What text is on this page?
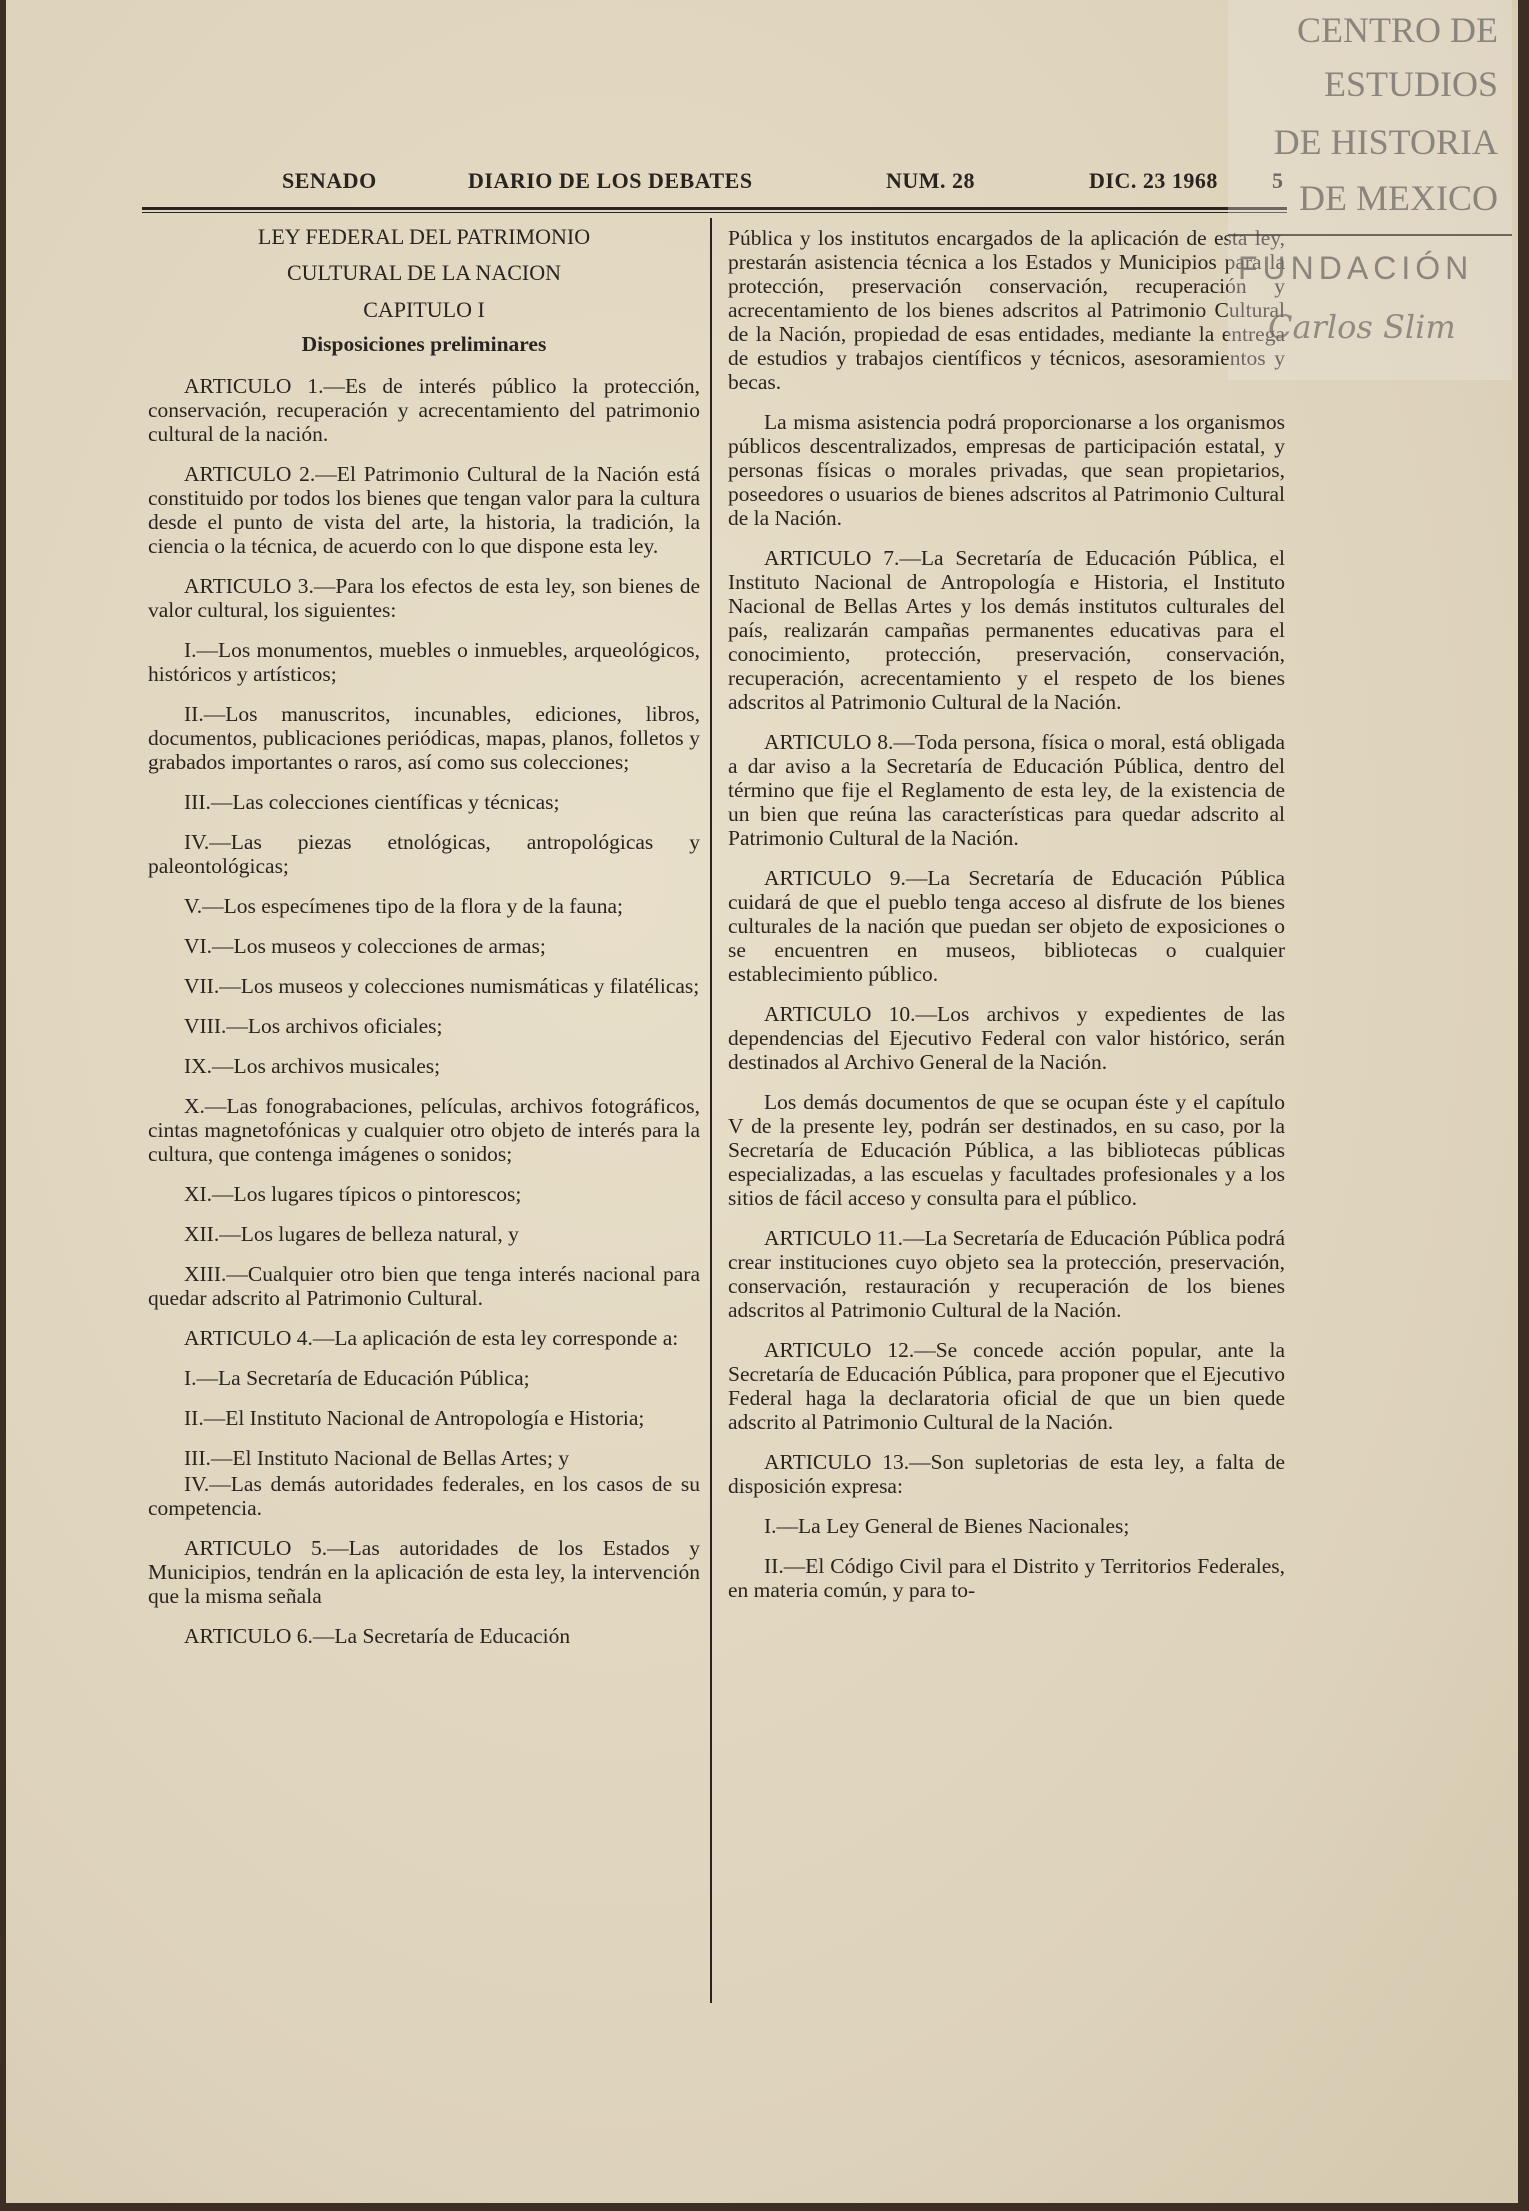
SENADO	DIARIO DE LOS DEBATES	NUM. 28	DIC. 23 1968 5

LEY FEDERAL DEL PATRIMONIO

CULTURAL DE LA NACION

CAPITULO I

Disposiciones preliminares

ARTICULO 1.—Es de interés público la protección, conservación, recuperación y acrecentamiento del patrimonio cultural de la nación.

ARTICULO 2.—El Patrimonio Cultural de la Nación está constituido por todos los bienes que tengan valor para la cultura desde el punto de vista del arte, la historia, la tradición, la ciencia o la técnica, de acuerdo con lo que dispone esta ley.

ARTICULO 3.—Para los efectos de esta ley, son bienes de valor cultural, los siguientes:

I.—Los monumentos, muebles o inmuebles, arqueológicos, históricos y artísticos;

II.—Los manuscritos, incunables, ediciones, libros, documentos, publicaciones periódicas, mapas, planos, folletos y grabados importantes o raros, así como sus colecciones;

III.—Las colecciones científicas y técnicas;

IV.—Las piezas etnológicas, antropológicas y paleontológicas;

V.—Los especímenes tipo de la flora y de la fauna;

VI.—Los museos y colecciones de armas;

VII.—Los museos y colecciones numismáticas y filatélicas;

VIII.—Los archivos oficiales;

IX.—Los archivos musicales;

X.—Las fonograbaciones, películas, archivos fotográficos, cintas magnetofónicas y cualquier otro objeto de interés para la cultura, que contenga imágenes o sonidos;

XI.—Los lugares típicos o pintorescos;

XII.—Los lugares de belleza natural, y

XIII.—Cualquier otro bien que tenga interés nacional para quedar adscrito al Patrimonio Cultural.

ARTICULO 4.—La aplicación de esta ley corresponde a:

I.—La Secretaría de Educación Pública;

II.—El Instituto Nacional de Antropología e Historia;

III.—El Instituto Nacional de Bellas Artes; y

IV.—Las demás autoridades federales, en los casos de su competencia.

ARTICULO 5.—Las autoridades de los Estados y Municipios, tendrán en la aplicación de esta ley, la intervención que la misma señala

ARTICULO 6.—La Secretaría de Educación

Pública y los institutos encargados de la aplicación de esta ley, prestarán asistencia técnica a los Estados y Municipios para la protección, preservación conservación, recuperación y acrecentamiento de los bienes adscritos al Patrimonio Cultural de la Nación, propiedad de esas entidades, mediante la entrega de estudios y trabajos científicos y técnicos, asesoramientos y becas.

La misma asistencia podrá proporcionarse a los organismos públicos descentralizados, empresas de participación estatal, y personas físicas o morales privadas, que sean propietarios, poseedores o usuarios de bienes adscritos al Patrimonio Cultural de la Nación.

ARTICULO 7.—La Secretaría de Educación Pública, el Instituto Nacional de Antropología e Historia, el Instituto Nacional de Bellas Artes y los demás institutos culturales del país, realizarán campañas permanentes educativas para el conocimiento, protección, preservación, conservación, recuperación, acrecentamiento y el respeto de los bienes adscritos al Patrimonio Cultural de la Nación.

ARTICULO 8.—Toda persona, física o moral, está obligada a dar aviso a la Secretaría de Educación Pública, dentro del término que fije el Reglamento de esta ley, de la existencia de un bien que reúna las características para quedar adscrito al Patrimonio Cultural de la Nación.

ARTICULO 9.—La Secretaría de Educación Pública cuidará de que el pueblo tenga acceso al disfrute de los bienes culturales de la nación que puedan ser objeto de exposiciones o se encuentren en museos, bibliotecas o cualquier establecimiento público.

ARTICULO 10.—Los archivos y expedientes de las dependencias del Ejecutivo Federal con valor histórico, serán destinados al Archivo General de la Nación.

Los demás documentos de que se ocupan éste y el capítulo V de la presente ley, podrán ser destinados, en su caso, por la Secretaría de Educación Pública, a las bibliotecas públicas especializadas, a las escuelas y facultades profesionales y a los sitios de fácil acceso y consulta para el público.

ARTICULO 11.—La Secretaría de Educación Pública podrá crear instituciones cuyo objeto sea la protección, preservación, conservación, restauración y recuperación de los bienes adscritos al Patrimonio Cultural de la Nación.

ARTICULO 12.—Se concede acción popular, ante la Secretaría de Educación Pública, para proponer que el Ejecutivo Federal haga la declaratoria oficial de que un bien quede adscrito al Patrimonio Cultural de la Nación.

ARTICULO 13.—Son supletorias de esta ley, a falta de disposición expresa:

I.—La Ley General de Bienes Nacionales;

II.—El Código Civil para el Distrito y Territorios Federales, en materia común, y para to-

CENTRO DE
ESTUDIOS
DE HISTORIA
DE MEXICO
FUNDACIÓN
Carlos Slim
